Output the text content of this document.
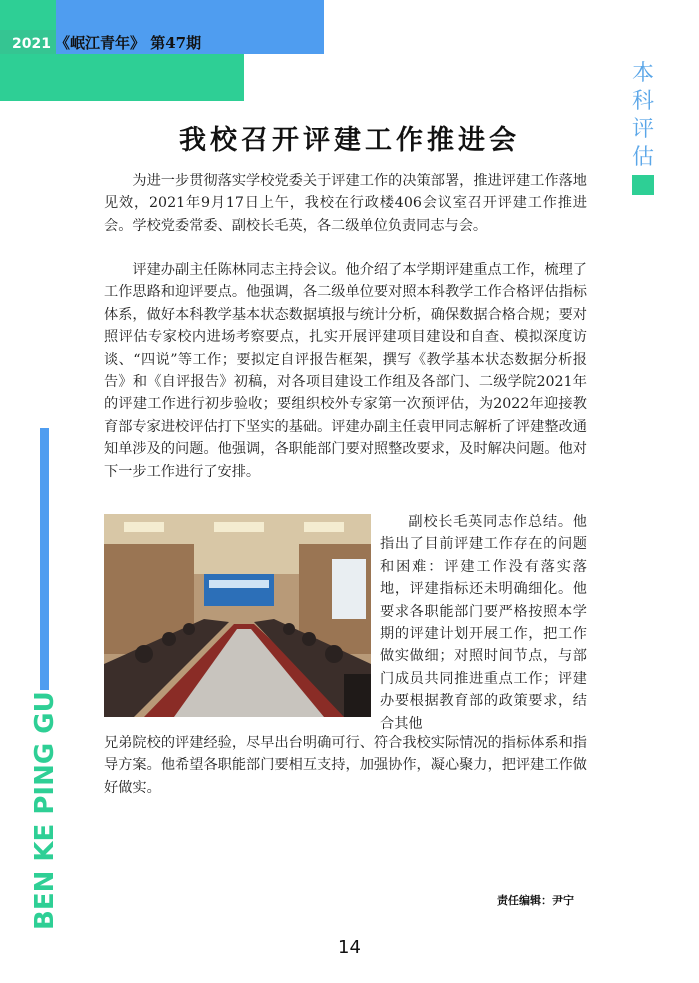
2021 《岷江青年》 第47期
本
科
评
估
BEN KE PING GU
我校召开评建工作推进会
为进一步贯彻落实学校党委关于评建工作的决策部署，推进评建工作落地见效，2021年9月17日上午，我校在行政楼406会议室召开评建工作推进会。学校党委常委、副校长毛英，各二级单位负责同志与会。
评建办副主任陈林同志主持会议。他介绍了本学期评建重点工作，梳理了工作思路和迎评要点。他强调，各二级单位要对照本科教学工作合格评估指标体系，做好本科教学基本状态数据填报与统计分析，确保数据合格合规；要对照评估专家校内进场考察要点，扎实开展评建项目建设和自查、模拟深度访谈、“四说”等工作；要拟定自评报告框架，撰写《教学基本状态数据分析报告》和《自评报告》初稿，对各项目建设工作组及各部门、二级学院2021年的评建工作进行初步验收；要组织校外专家第一次预评估，为2022年迎接教育部专家进校评估打下坚实的基础。评建办副主任袁甲同志解析了评建整改通知单涉及的问题。他强调，各职能部门要对照整改要求，及时解决问题。他对下一步工作进行了安排。
副校长毛英同志作总结。他指出了目前评建工作存在的问题和困难：评建工作没有落实落地，评建指标还未明确细化。他要求各职能部门要严格按照本学期的评建计划开展工作，把工作做实做细；对照时间节点，与部门成员共同推进重点工作；评建办要根据教育部的政策要求，结合其他
兄弟院校的评建经验，尽早出台明确可行、符合我校实际情况的指标体系和指导方案。他希望各职能部门要相互支持，加强协作，凝心聚力，把评建工作做好做实。
责任编辑：尹宁
14
